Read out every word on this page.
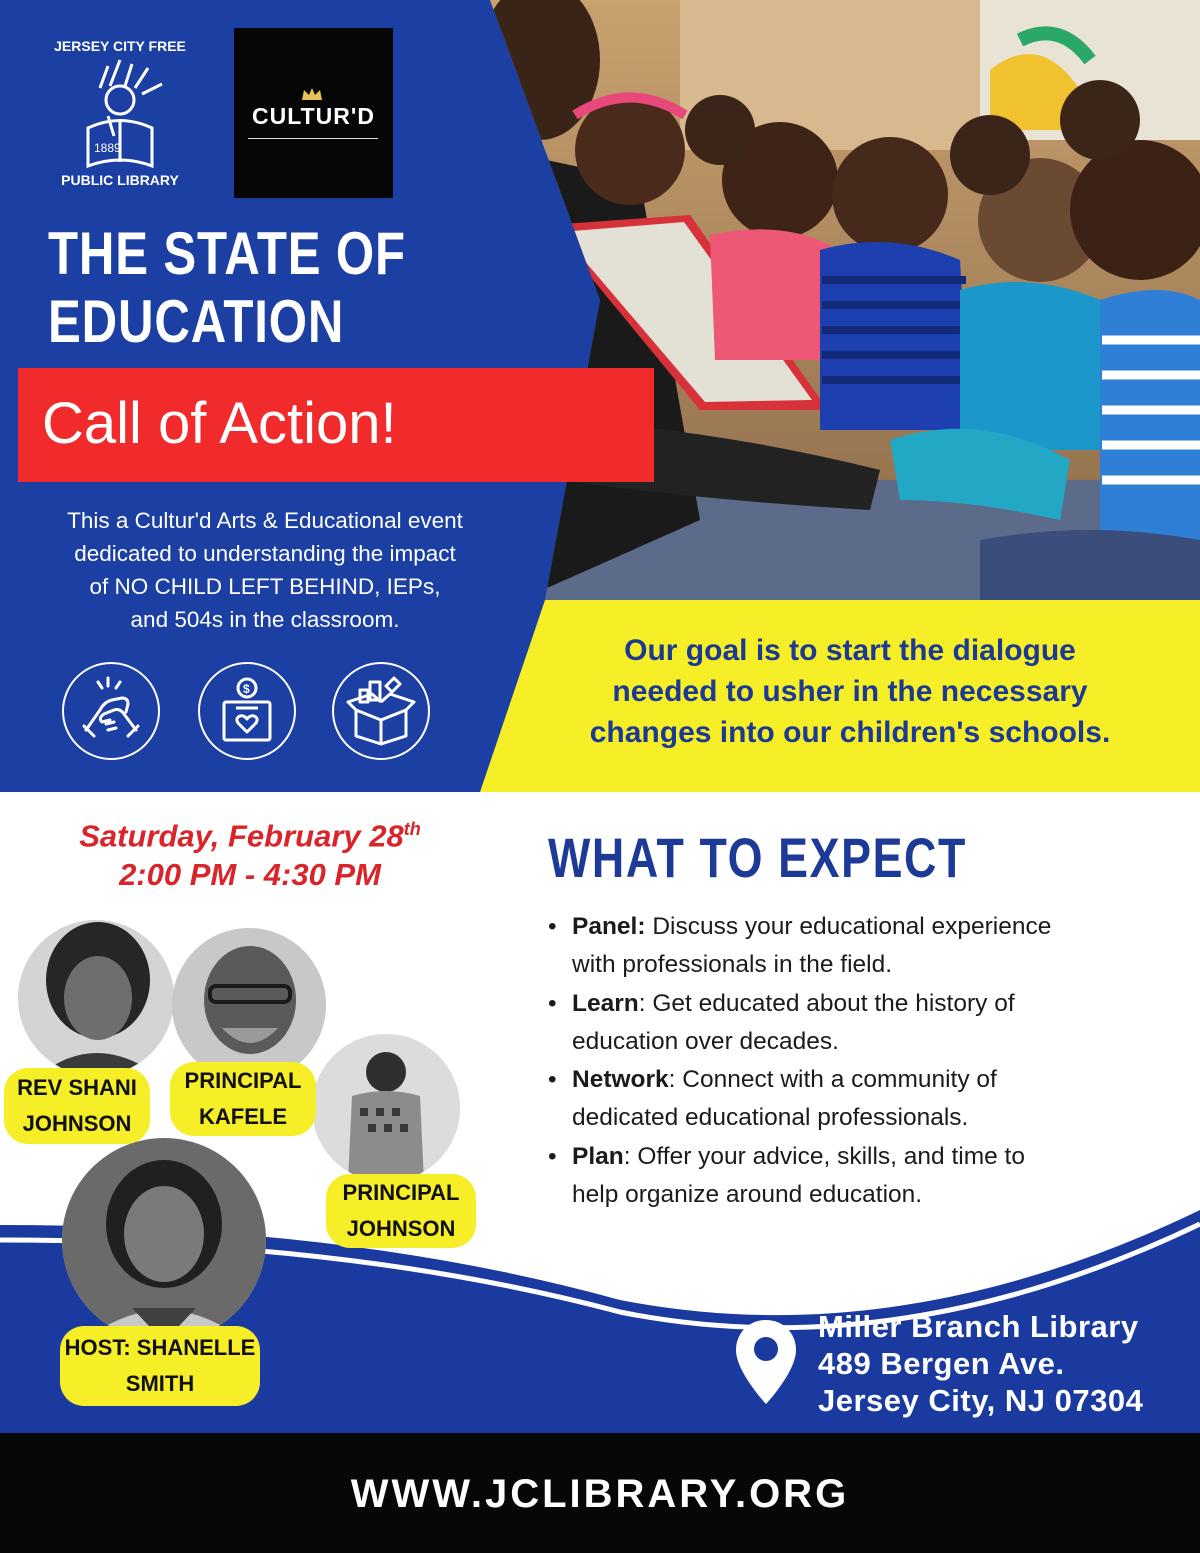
JERSEY CITY FREE
1889
PUBLIC LIBRARY
CULTUR'D
THE STATE OF
EDUCATION
Call of Action!
This a Cultur'd Arts & Educational event
dedicated to understanding the impact
of NO CHILD LEFT BEHIND, IEPs,
and 504s in the classroom.
$
Our goal is to start the dialogue
needed to usher in the necessary
changes into our children's schools.
Saturday, February 28th
2:00 PM - 4:30 PM	WHAT TO EXPECT
• Panel: Discuss your educational experience
with professionals in the field.
• Learn: Get educated about the history of
education over decades.
• Network: Connect with a community of
dedicated educational professionals.
• Plan: Offer your advice, skills, and time to
help organize around education.
REV SHANI
JOHNSON
PRINCIPAL
KAFELE
PRINCIPAL
JOHNSON
HOST: SHANELLE
SMITH
Miller Branch Library
489 Bergen Ave.
Jersey City, NJ 07304
WWW.JCLIBRARY.ORG
